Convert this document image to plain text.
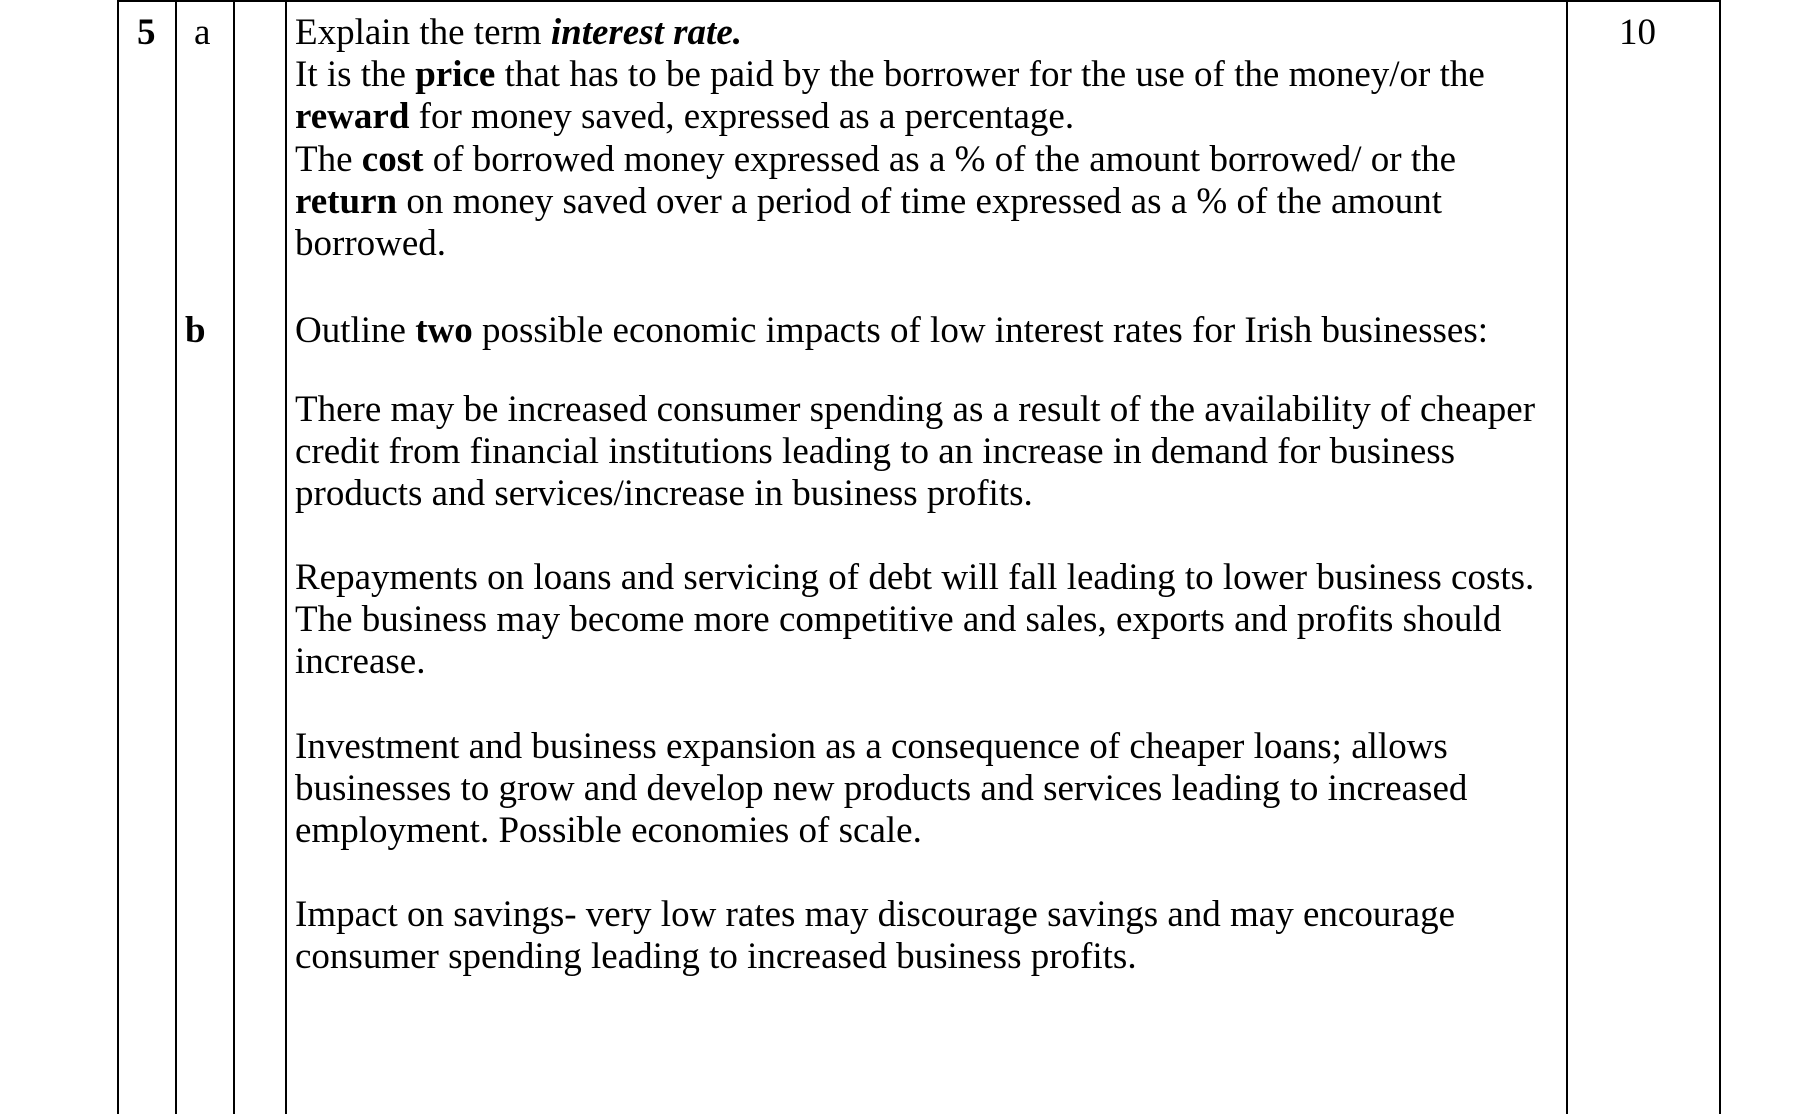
5 a
b
10
Explain the term interest rate.
It is the price that has to be paid by the borrower for the use of the money/or the
reward for money saved, expressed as a percentage.
The cost of borrowed money expressed as a % of the amount borrowed/ or the
return on money saved over a period of time expressed as a % of the amount
borrowed.
Outline two possible economic impacts of low interest rates for Irish businesses:
There may be increased consumer spending as a result of the availability of cheaper
credit from financial institutions leading to an increase in demand for business
products and services/increase in business profits.
Repayments on loans and servicing of debt will fall leading to lower business costs.
The business may become more competitive and sales, exports and profits should
increase.
Investment and business expansion as a consequence of cheaper loans; allows
businesses to grow and develop new products and services leading to increased
employment. Possible economies of scale.
Impact on savings- very low rates may discourage savings and may encourage
consumer spending leading to increased business profits.
